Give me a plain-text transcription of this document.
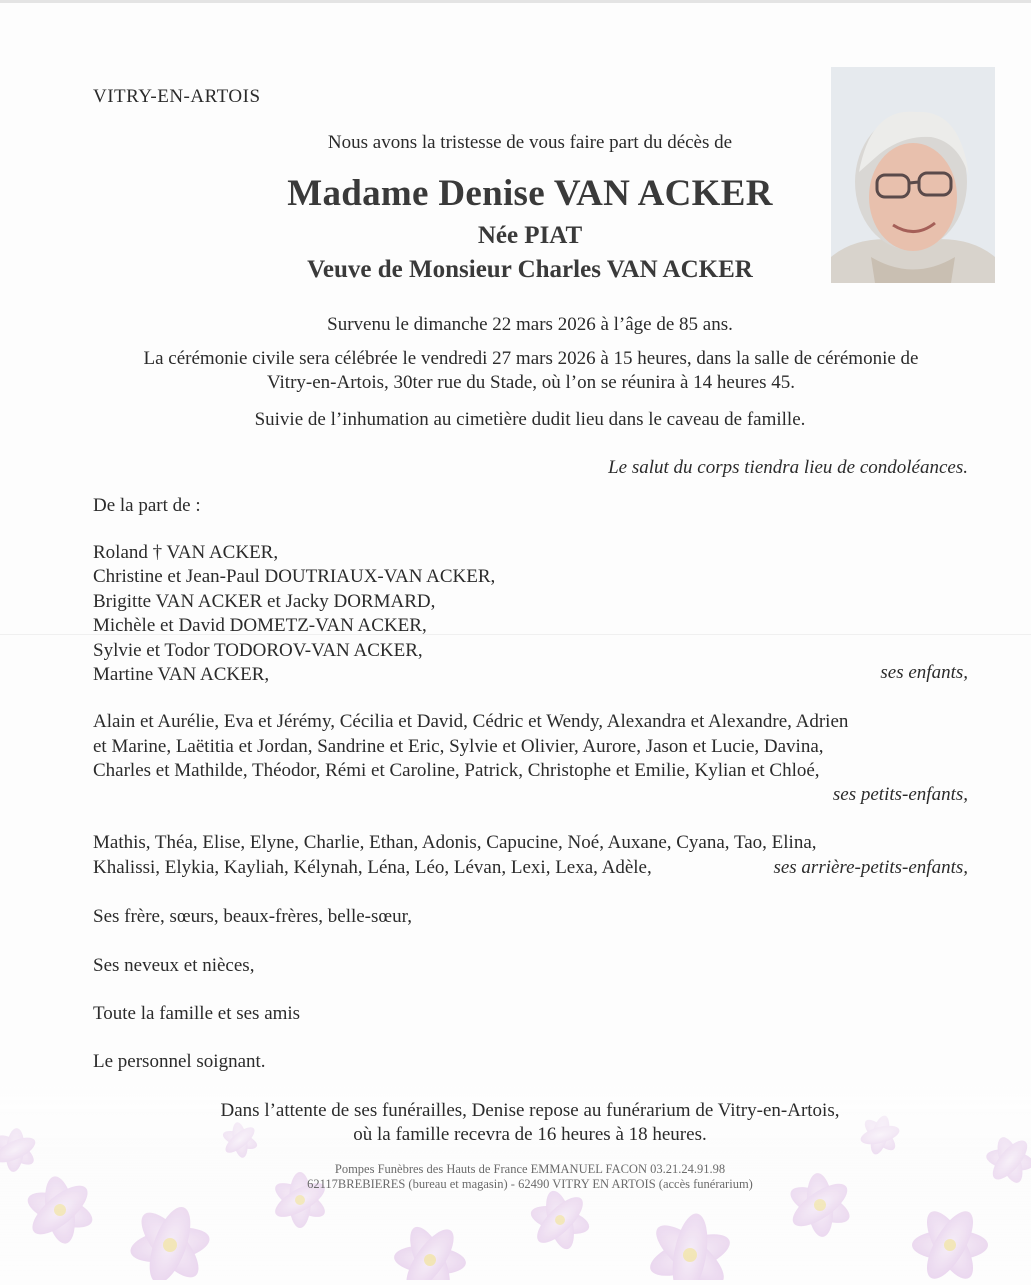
VITRY-EN-ARTOIS
Nous avons la tristesse de vous faire part du décès de
Madame Denise VAN ACKER
Née PIAT
Veuve de Monsieur Charles VAN ACKER
Survenu le dimanche 22 mars 2026 à l’âge de 85 ans.
La cérémonie civile sera célébrée le vendredi 27 mars 2026 à 15 heures, dans la salle de cérémonie de
Vitry-en-Artois, 30ter rue du Stade, où l’on se réunira à 14 heures 45.
Suivie de l’inhumation au cimetière dudit lieu dans le caveau de famille.
Le salut du corps tiendra lieu de condoléances.
De la part de :
Roland † VAN ACKER,
Christine et Jean-Paul DOUTRIAUX-VAN ACKER,
Brigitte VAN ACKER et Jacky DORMARD,
Michèle et David DOMETZ-VAN ACKER,
Sylvie et Todor TODOROV-VAN ACKER,
Martine VAN ACKER,	ses enfants,
Alain et Aurélie, Eva et Jérémy, Cécilia et David, Cédric et Wendy, Alexandra et Alexandre, Adrien
et Marine, Laëtitia et Jordan, Sandrine et Eric, Sylvie et Olivier, Aurore, Jason et Lucie, Davina,
Charles et Mathilde, Théodor, Rémi et Caroline, Patrick, Christophe et Emilie, Kylian et Chloé,
ses petits-enfants,
Mathis, Théa, Elise, Elyne, Charlie, Ethan, Adonis, Capucine, Noé, Auxane, Cyana, Tao, Elina,
Khalissi, Elykia, Kayliah, Kélynah, Léna, Léo, Lévan, Lexi, Lexa, Adèle,	ses arrière-petits-enfants,
Ses frère, sœurs, beaux-frères, belle-sœur,
Ses neveux et nièces,
Toute la famille et ses amis
Le personnel soignant.
Dans l’attente de ses funérailles, Denise repose au funérarium de Vitry-en-Artois,
où la famille recevra de 16 heures à 18 heures.
Pompes Funèbres des Hauts de France EMMANUEL FACON 03.21.24.91.98
62117BREBIERES (bureau et magasin) - 62490 VITRY EN ARTOIS (accès funérarium)
